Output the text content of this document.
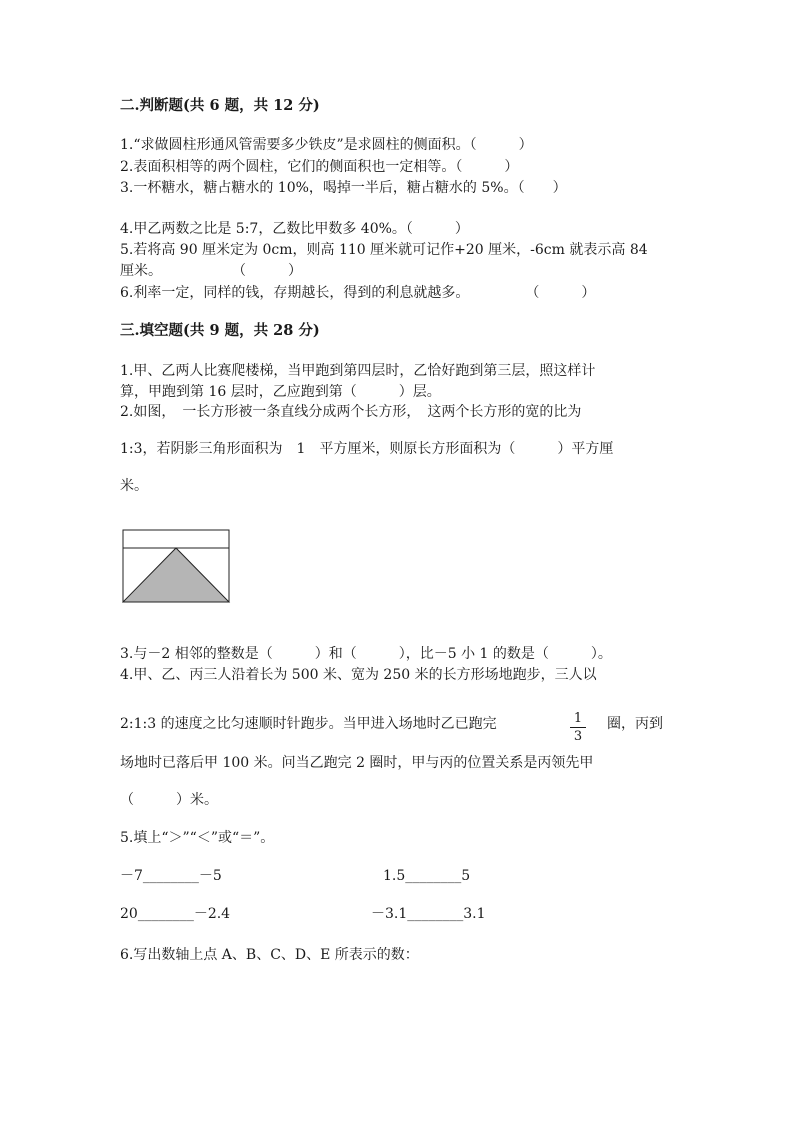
二.判断题(共 6 题，共 12 分)
1.“求做圆柱形通风管需要多少铁皮”是求圆柱的侧面积。（　　　）
2.表面积相等的两个圆柱，它们的侧面积也一定相等。（　　　）
3.一杯糖水，糖占糖水的 10%，喝掉一半后，糖占糖水的 5%。（　　）
4.甲乙两数之比是 5:7，乙数比甲数多 40%。（　　　）
5.若将高 90 厘米定为 0cm，则高 110 厘米就可记作+20 厘米，-6cm 就表示高 84
厘米。　　　　　　（　　　）
6.利率一定，同样的钱，存期越长，得到的利息就越多。　　　　　（　　　）
三.填空题(共 9 题，共 28 分)
1.甲、乙两人比赛爬楼梯，当甲跑到第四层时，乙恰好跑到第三层，照这样计
算，甲跑到第 16 层时，乙应跑到第（　　　）层。
2.如图，　一长方形被一条直线分成两个长方形，　这两个长方形的宽的比为
1:3，若阴影三角形面积为　1　平方厘米，则原长方形面积为（　　　）平方厘
米。
3.与－2 相邻的整数是（　　　）和（　　　），比－5 小 1 的数是（　　　）。
4.甲、乙、丙三人沿着长为 500 米、宽为 250 米的长方形场地跑步，三人以
2:1:3 的速度之比匀速顺时针跑步。当甲进入场地时乙已跑完	1
3
圈，丙到
场地时已落后甲 100 米。问当乙跑完 2 圈时，甲与丙的位置关系是丙领先甲
（　　　）米。
5.填上“＞”“＜”或“＝”。
－7________－5	1.5________5
20________－2.4	－3.1________3.1
6.写出数轴上点 A、B、C、D、E 所表示的数：
